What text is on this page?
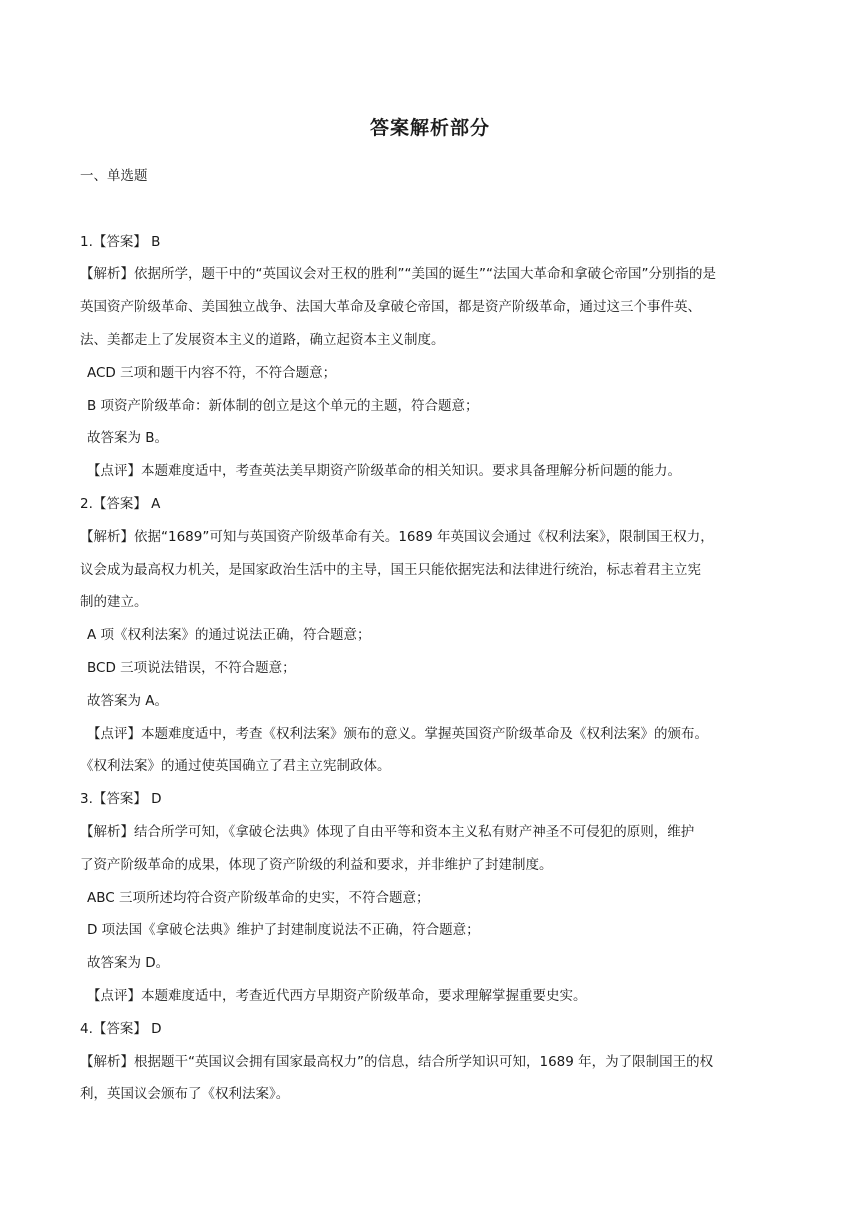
答案解析部分
一、单选题
1.【答案】 B
【解析】依据所学，题干中的“英国议会对王权的胜利”“美国的诞生”“法国大革命和拿破仑帝国”分别指的是
英国资产阶级革命、美国独立战争、法国大革命及拿破仑帝国，都是资产阶级革命，通过这三个事件英、
法、美都走上了发展资本主义的道路，确立起资本主义制度。
ACD 三项和题干内容不符，不符合题意；
B 项资产阶级革命：新体制的创立是这个单元的主题，符合题意；
故答案为 B。
【点评】本题难度适中，考查英法美早期资产阶级革命的相关知识。要求具备理解分析问题的能力。
2.【答案】 A
【解析】依据“1689”可知与英国资产阶级革命有关。1689 年英国议会通过《权利法案》，限制国王权力，
议会成为最高权力机关，是国家政治生活中的主导，国王只能依据宪法和法律进行统治，标志着君主立宪
制的建立。
A 项《权利法案》的通过说法正确，符合题意；
BCD 三项说法错误，不符合题意；
故答案为 A。
【点评】本题难度适中，考查《权利法案》颁布的意义。掌握英国资产阶级革命及《权利法案》的颁布。
《权利法案》的通过使英国确立了君主立宪制政体。
3.【答案】 D
【解析】结合所学可知，《拿破仑法典》体现了自由平等和资本主义私有财产神圣不可侵犯的原则，维护
了资产阶级革命的成果，体现了资产阶级的利益和要求，并非维护了封建制度。
ABC 三项所述均符合资产阶级革命的史实，不符合题意；
D 项法国《拿破仑法典》维护了封建制度说法不正确，符合题意；
故答案为 D。
【点评】本题难度适中，考查近代西方早期资产阶级革命，要求理解掌握重要史实。
4.【答案】 D
【解析】根据题干“英国议会拥有国家最高权力”的信息，结合所学知识可知，1689 年，为了限制国王的权
利，英国议会颁布了《权利法案》。
